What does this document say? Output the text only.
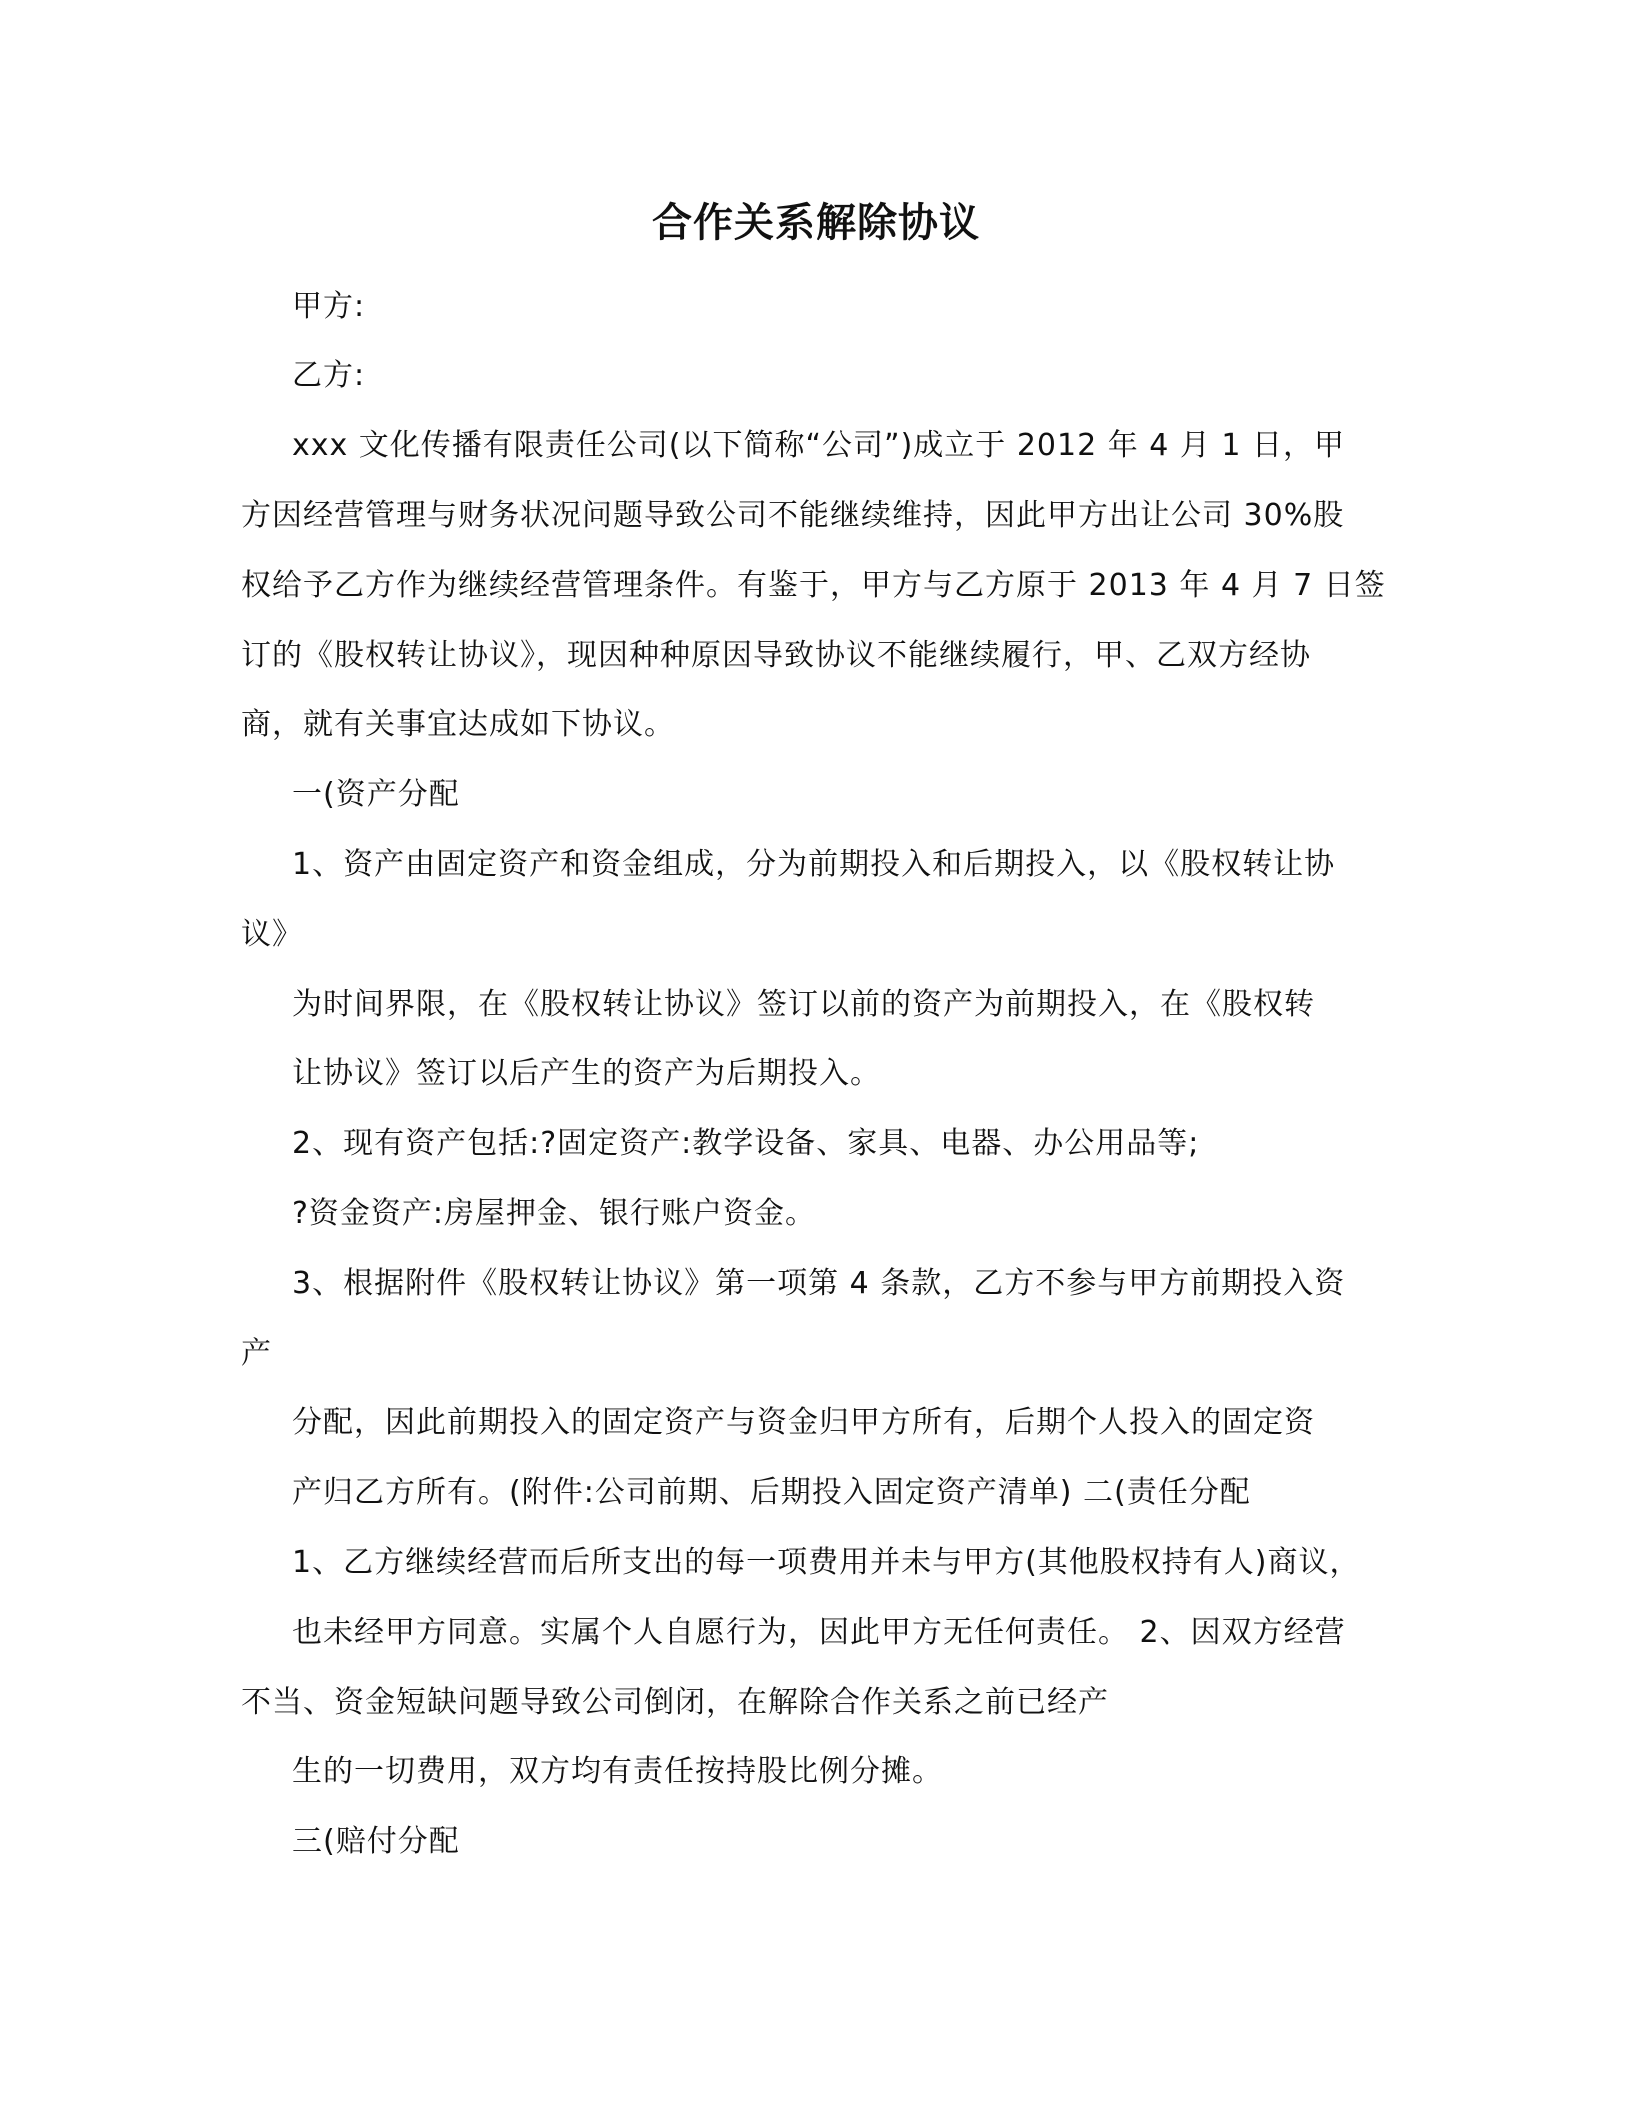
合作关系解除协议
甲方:
乙方:
xxx 文化传播有限责任公司(以下简称“公司”)成立于 2012 年 4 月 1 日，甲
方因经营管理与财务状况问题导致公司不能继续维持，因此甲方出让公司 30%股
权给予乙方作为继续经营管理条件。有鉴于，甲方与乙方原于 2013 年 4 月 7 日签
订的《股权转让协议》，现因种种原因导致协议不能继续履行，甲、乙双方经协
商，就有关事宜达成如下协议。
一(资产分配
1、资产由固定资产和资金组成，分为前期投入和后期投入，以《股权转让协
议》
为时间界限，在《股权转让协议》签订以前的资产为前期投入，在《股权转
让协议》签订以后产生的资产为后期投入。
2、现有资产包括:?固定资产:教学设备、家具、电器、办公用品等;
?资金资产:房屋押金、银行账户资金。
3、根据附件《股权转让协议》第一项第 4 条款，乙方不参与甲方前期投入资
产
分配，因此前期投入的固定资产与资金归甲方所有，后期个人投入的固定资
产归乙方所有。(附件:公司前期、后期投入固定资产清单) 二(责任分配
1、乙方继续经营而后所支出的每一项费用并未与甲方(其他股权持有人)商议，
也未经甲方同意。实属个人自愿行为，因此甲方无任何责任。 2、因双方经营
不当、资金短缺问题导致公司倒闭，在解除合作关系之前已经产
生的一切费用，双方均有责任按持股比例分摊。
三(赔付分配
